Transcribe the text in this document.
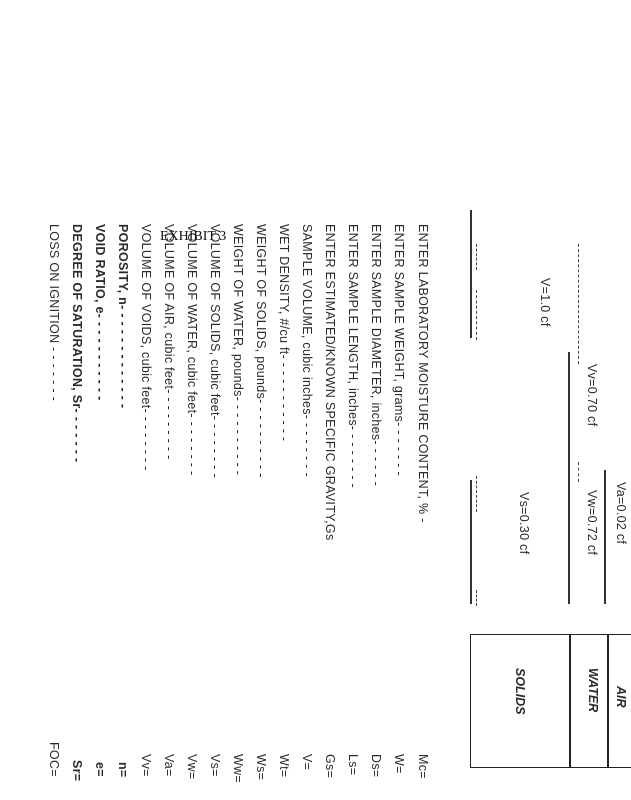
V=1.0 cf
Vv=0.70 cf
Vw=0.72 cf
Vs=0.30 cf	Va=0.02 cf
AIR
WATER
SOLIDS
ENTER LABORATORY MOISTURE CONTENT, % -
ENTER SAMPLE WEIGHT, grams- - - - - - -
ENTER SAMPLE DIAMETER, inches- - - - - -
ENTER SAMPLE LENGTH, inches- - - - - - - -
ENTER ESTIMATED/KNOWN SPECIFIC GRAVITY,Gs
SAMPLE VOLUME, cubic inches- - - - - - - -
WET DENSITY, #/cu ft- - - - - - - - - - -
WEIGHT OF SOLIDS, pounds- - - - - - - - - -
WEIGHT OF WATER, pounds- - - - - - - - - -
VOLUME OF SOLIDS, cubic feet- - - - - - - -
VOLUME OF WATER, cubic feet- - - - - - - -
VOLUME OF AIR, cubic feet- - - - - - - - -
VOLUME OF VOIDS, cubic feet- - - - - - - -
POROSITY, n- - - - - - - - - - - - -
VOID RATIO, e- - - - - - - - - - -
DEGREE OF SATURATION, Sr- - - - - - -
LOSS ON IGNITION - - - - - - -
Mc=
W=
Ds=
Ls=
Gs=
V=
Wt=
Ws=
Ww=
Vs=
Vw=
Va=
Vv=
n=
e=
Sr=
FOC=
EXHIBIT 3
